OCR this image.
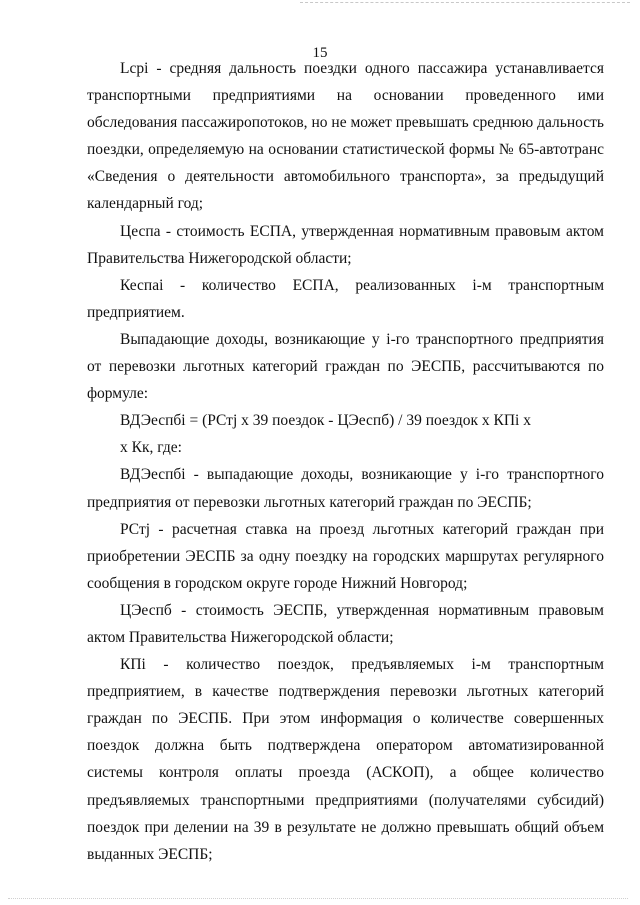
15

Lсрi - средняя дальность поездки одного пассажира устанавливается транспортными предприятиями на основании проведенного ими обследования пассажиропотоков, но не может превышать среднюю дальность поездки, определяемую на основании статистической формы № 65-автотранс «Сведения о деятельности автомобильного транспорта», за предыдущий календарный год;

Цеспа - стоимость ЕСПА, утвержденная нормативным правовым актом Правительства Нижегородской области;

Кеспаi - количество ЕСПА, реализованных i-м транспортным предприятием.

Выпадающие доходы, возникающие у i-го транспортного предприятия от перевозки льготных категорий граждан по ЭЕСПБ, рассчитываются по формуле:

ВДЭеспбi = (РСтj х 39 поездок - ЦЭеспб) / 39 поездок х КПi х

х Кк, где:

ВДЭеспбi - выпадающие доходы, возникающие у i-го транспортного предприятия от перевозки льготных категорий граждан по ЭЕСПБ;

РСтj - расчетная ставка на проезд льготных категорий граждан при приобретении ЭЕСПБ за одну поездку на городских маршрутах регулярного сообщения в городском округе городе Нижний Новгород;

ЦЭеспб - стоимость ЭЕСПБ, утвержденная нормативным правовым актом Правительства Нижегородской области;

КПi - количество поездок, предъявляемых i-м транспортным предприятием, в качестве подтверждения перевозки льготных категорий граждан по ЭЕСПБ. При этом информация о количестве совершенных поездок должна быть подтверждена оператором автоматизированной системы контроля оплаты проезда (АСКОП), а общее количество предъявляемых транспортными предприятиями (получателями субсидий) поездок при делении на 39 в результате не должно превышать общий объем выданных ЭЕСПБ;
